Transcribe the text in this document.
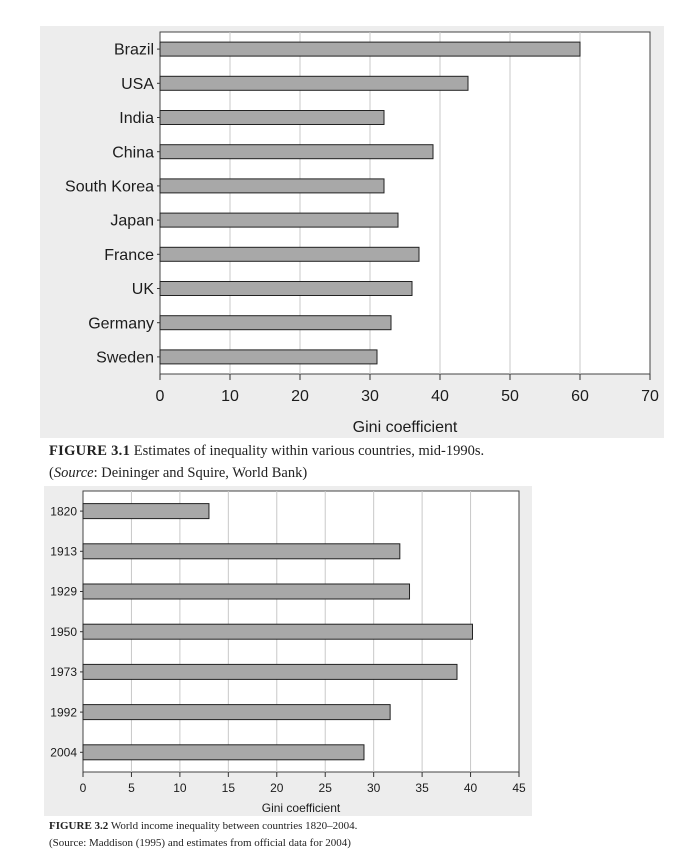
Brazil
USA
India
China
South Korea
Japan
France
UK
Germany
Sweden
0	10	20	30	40	50	60	70
Gini coefficient
1820
1913
1929
1950
1973
1992
2004
0	5	10	15	20	25	30	35	40	45
Gini coefficient
FIGURE 3.1 Estimates of inequality within various countries, mid-1990s.
(Source: Deininger and Squire, World Bank)
FIGURE 3.2 World income inequality between countries 1820–2004.
(Source: Maddison (1995) and estimates from official data for 2004)
